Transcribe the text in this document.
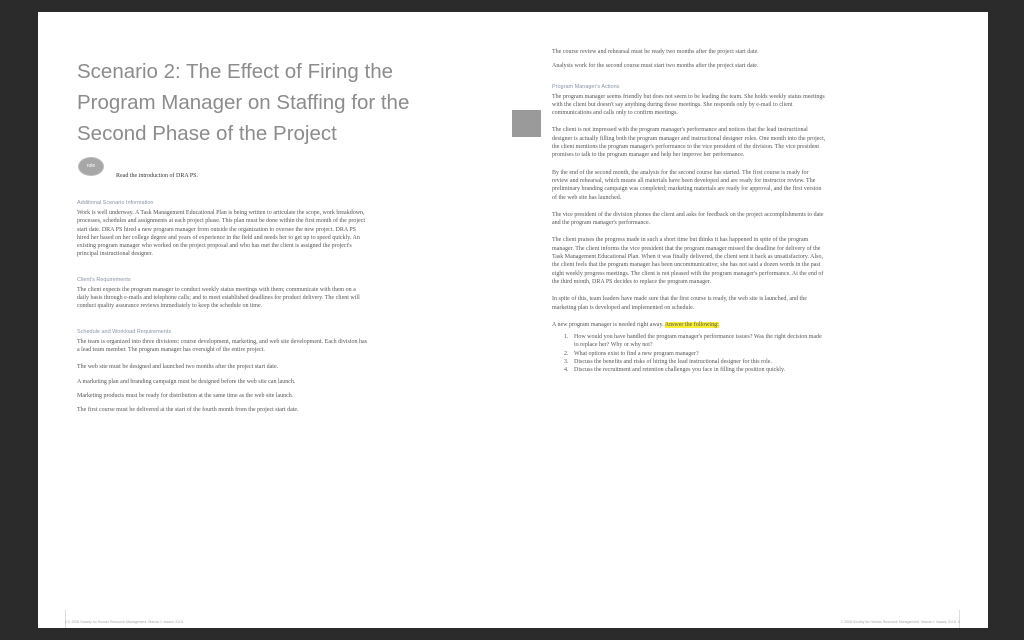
Scenario 2: The Effect of Firing the Program Manager on Staffing for the Second Phase of the Project
role

Read the introduction of DRA PS.

Additional Scenario Information

Work is well underway. A Task Management Educational Plan is being written to articulate the scope, work breakdown, processes, schedules and assignments at each project phase. This plan must be done within the first month of the project start date. DRA PS hired a new program manager from outside the organization to oversee the new project. DRA PS hired her based on her college degree and years of experience in the field and needs her to get up to speed quickly. An existing program manager who worked on the project proposal and who has met the client is assigned the project's principal instructional designer.

Client's Requirements

The client expects the program manager to conduct weekly status meetings with them; communicate with them on a daily basis through e-mails and telephone calls; and to meet established deadlines for product delivery. The client will conduct quality assurance reviews immediately to keep the schedule on time.

Schedule and Workload Requirements

The team is organized into three divisions: course development, marketing, and web site development. Each division has a lead team member. The program manager has oversight of the entire project.

The web site must be designed and launched two months after the project start date.

A marketing plan and branding campaign must be designed before the web site can launch.

Marketing products must be ready for distribution at the same time as the web site launch.

The first course must be delivered at the start of the fourth month from the project start date.

The course review and rehearsal must be ready two months after the project start date.

Analysis work for the second course must start two months after the project start date.

Program Manager's Actions

The program manager seems friendly but does not seem to be leading the team. She holds weekly status meetings with the client but doesn't say anything during those meetings. She responds only by e-mail to client communications and calls only to confirm meetings.

The client is not impressed with the program manager's performance and notices that the lead instructional designer is actually filling both the program manager and instructional designer roles. One month into the project, the client mentions the program manager's performance to the vice president of the division. The vice president promises to talk to the program manager and help her improve her performance.

By the end of the second month, the analysis for the second course has started. The first course is ready for review and rehearsal, which means all materials have been developed and are ready for instructor review. The preliminary branding campaign was completed; marketing materials are ready for approval, and the first version of the web site has launched.

The vice president of the division phones the client and asks for feedback on the project accomplishments to date and the program manager's performance.

The client praises the progress made in such a short time but thinks it has happened in spite of the program manager. The client informs the vice president that the program manager missed the deadline for delivery of the Task Management Educational Plan. When it was finally delivered, the client sent it back as unsatisfactory. Also, the client feels that the program manager has been uncommunicative; she has not said a dozen words in the past eight weekly progress meetings. The client is not pleased with the program manager's performance. At the end of the third month, DRA PS decides to replace the program manager.

In spite of this, team leaders have made sure that the first course is ready, the web site is launched, and the marketing plan is developed and implemented on schedule.

A new program manager is needed right away. Answer the following:

1. How would you have handled the program manager's performance issues? Was the right decision made to replace her? Why or why not?
2. What options exist to find a new program manager?
3. Discuss the benefits and risks of hiring the lead instructional designer for this role.
4. Discuss the recruitment and retention challenges you face in filling the position quickly.
6 © 2008 Society for Human Resource Management. Marcia J. Isaacs, Ed.D.	© 2008 Society for Human Resource Management. Marcia J. Isaacs, Ed.D. 5
